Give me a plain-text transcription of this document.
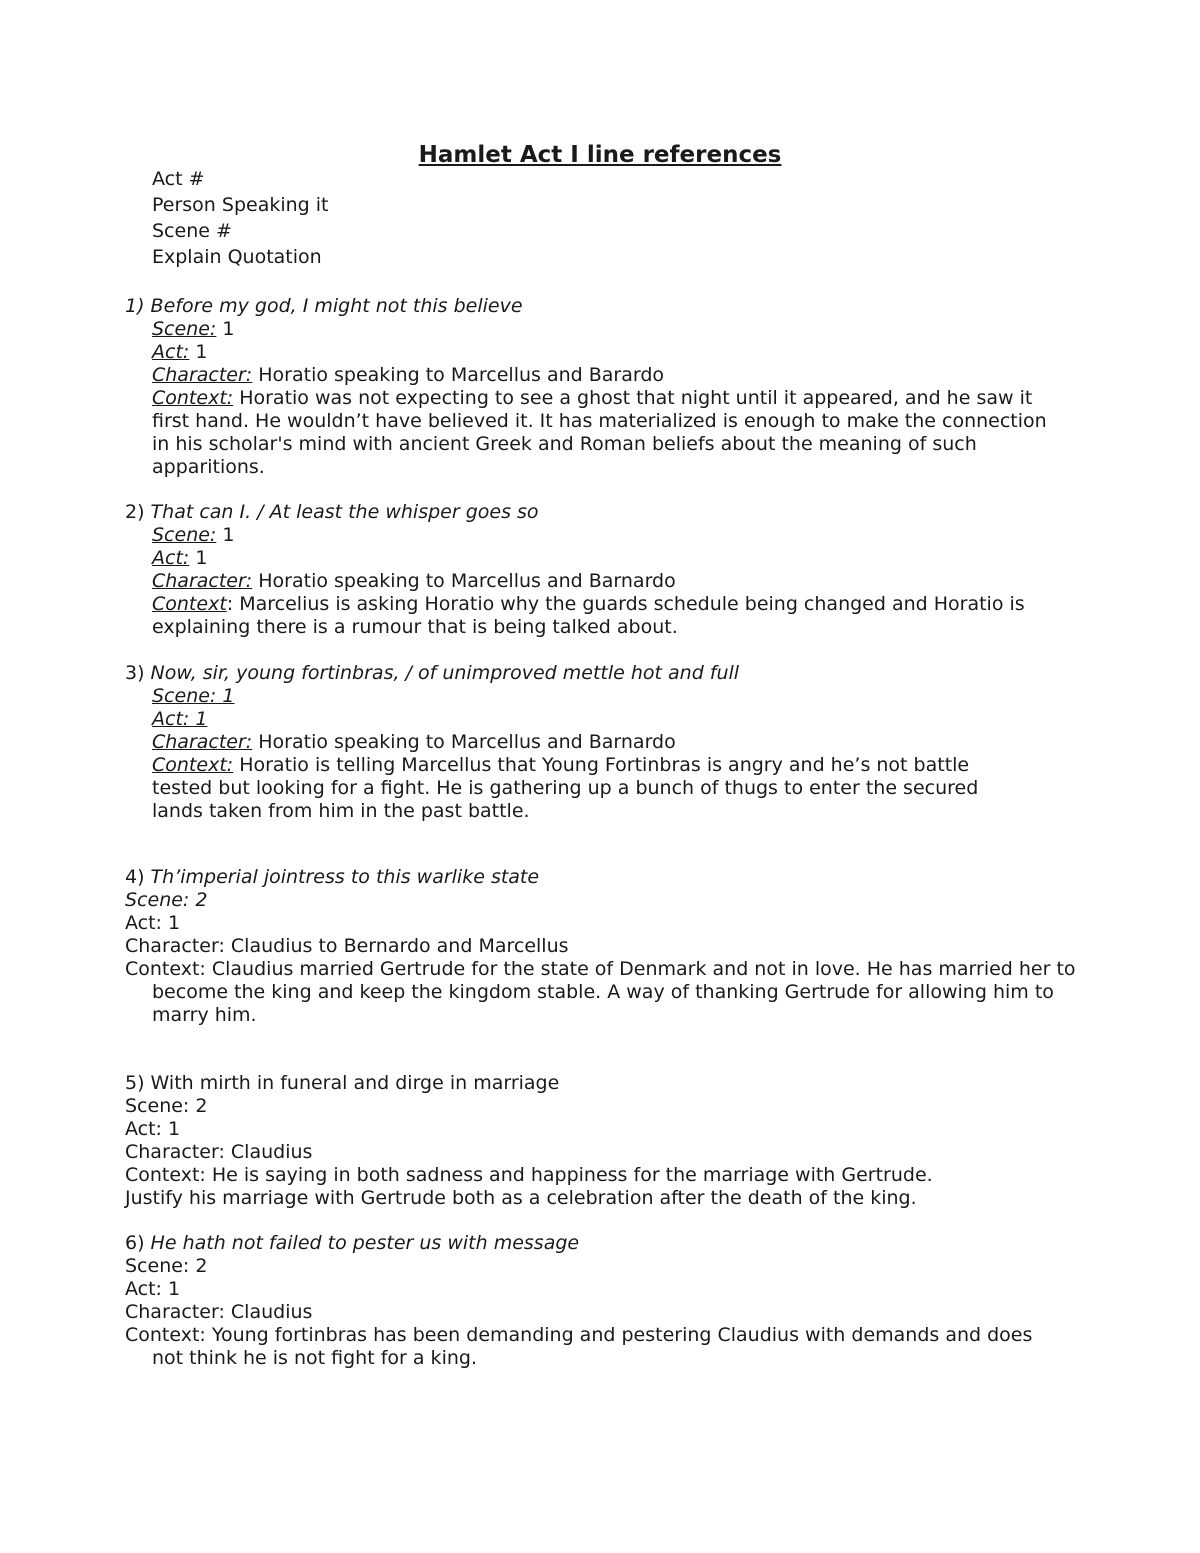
Hamlet Act I line references
Act #
Person Speaking it
Scene #
Explain Quotation
1) Before my god, I might not this believe
Scene: 1
Act: 1
Character: Horatio speaking to Marcellus and Barardo
Context: Horatio was not expecting to see a ghost that night until it appeared, and he saw it first hand. He wouldn’t have believed it. It has materialized is enough to make the connection in his scholar's mind with ancient Greek and Roman beliefs about the meaning of such apparitions.
2) That can I. / At least the whisper goes so
Scene: 1
Act: 1
Character: Horatio speaking to Marcellus and Barnardo
Context: Marcelius is asking Horatio why the guards schedule being changed and Horatio is explaining there is a rumour that is being talked about.
3) Now, sir, young fortinbras, / of unimproved mettle hot and full
Scene: 1
Act: 1
Character: Horatio speaking to Marcellus and Barnardo
Context: Horatio is telling Marcellus that Young Fortinbras is angry and he’s not battle tested but looking for a fight. He is gathering up a bunch of thugs to enter the secured lands taken from him in the past battle.
4) Th’imperial jointress to this warlike state
Scene: 2
Act: 1
Character: Claudius to Bernardo and Marcellus
Context: Claudius married Gertrude for the state of Denmark and not in love. He has married her to become the king and keep the kingdom stable. A way of thanking Gertrude for allowing him to marry him.
5) With mirth in funeral and dirge in marriage
Scene: 2
Act: 1
Character: Claudius
Context: He is saying in both sadness and happiness for the marriage with Gertrude.
Justify his marriage with Gertrude both as a celebration after the death of the king.
6) He hath not failed to pester us with message
Scene: 2
Act: 1
Character: Claudius
Context: Young fortinbras has been demanding and pestering Claudius with demands and does not think he is not fight for a king.
